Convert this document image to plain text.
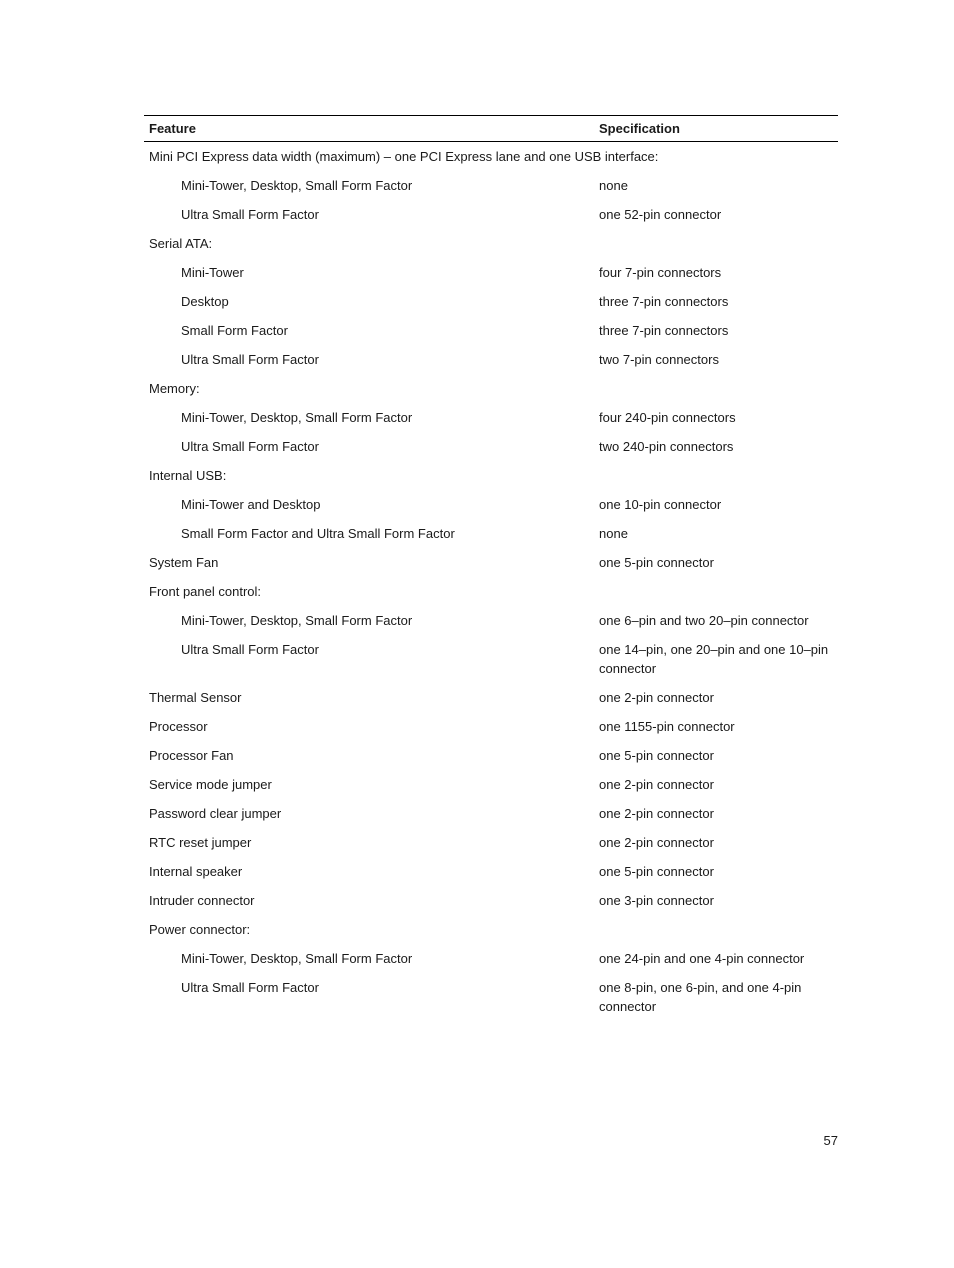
Feature	Specification
Mini PCI Express data width (maximum) – one PCI Express lane and one USB interface:
Mini-Tower, Desktop, Small Form Factor	none
Ultra Small Form Factor	one 52-pin connector
Serial ATA:
Mini-Tower	four 7-pin connectors
Desktop	three 7-pin connectors
Small Form Factor	three 7-pin connectors
Ultra Small Form Factor	two 7-pin connectors
Memory:
Mini-Tower, Desktop, Small Form Factor	four 240-pin connectors
Ultra Small Form Factor	two 240-pin connectors
Internal USB:
Mini-Tower and Desktop	one 10-pin connector
Small Form Factor and Ultra Small Form Factor	none
System Fan	one 5-pin connector
Front panel control:
Mini-Tower, Desktop, Small Form Factor	one 6–pin and two 20–pin connector
Ultra Small Form Factor	one 14–pin, one 20–pin and one 10–pin connector
Thermal Sensor	one 2-pin connector
Processor	one 1155-pin connector
Processor Fan	one 5-pin connector
Service mode jumper	one 2-pin connector
Password clear jumper	one 2-pin connector
RTC reset jumper	one 2-pin connector
Internal speaker	one 5-pin connector
Intruder connector	one 3-pin connector
Power connector:
Mini-Tower, Desktop, Small Form Factor	one 24-pin and one 4-pin connector
Ultra Small Form Factor	one 8-pin, one 6-pin, and one 4-pin connector
57
